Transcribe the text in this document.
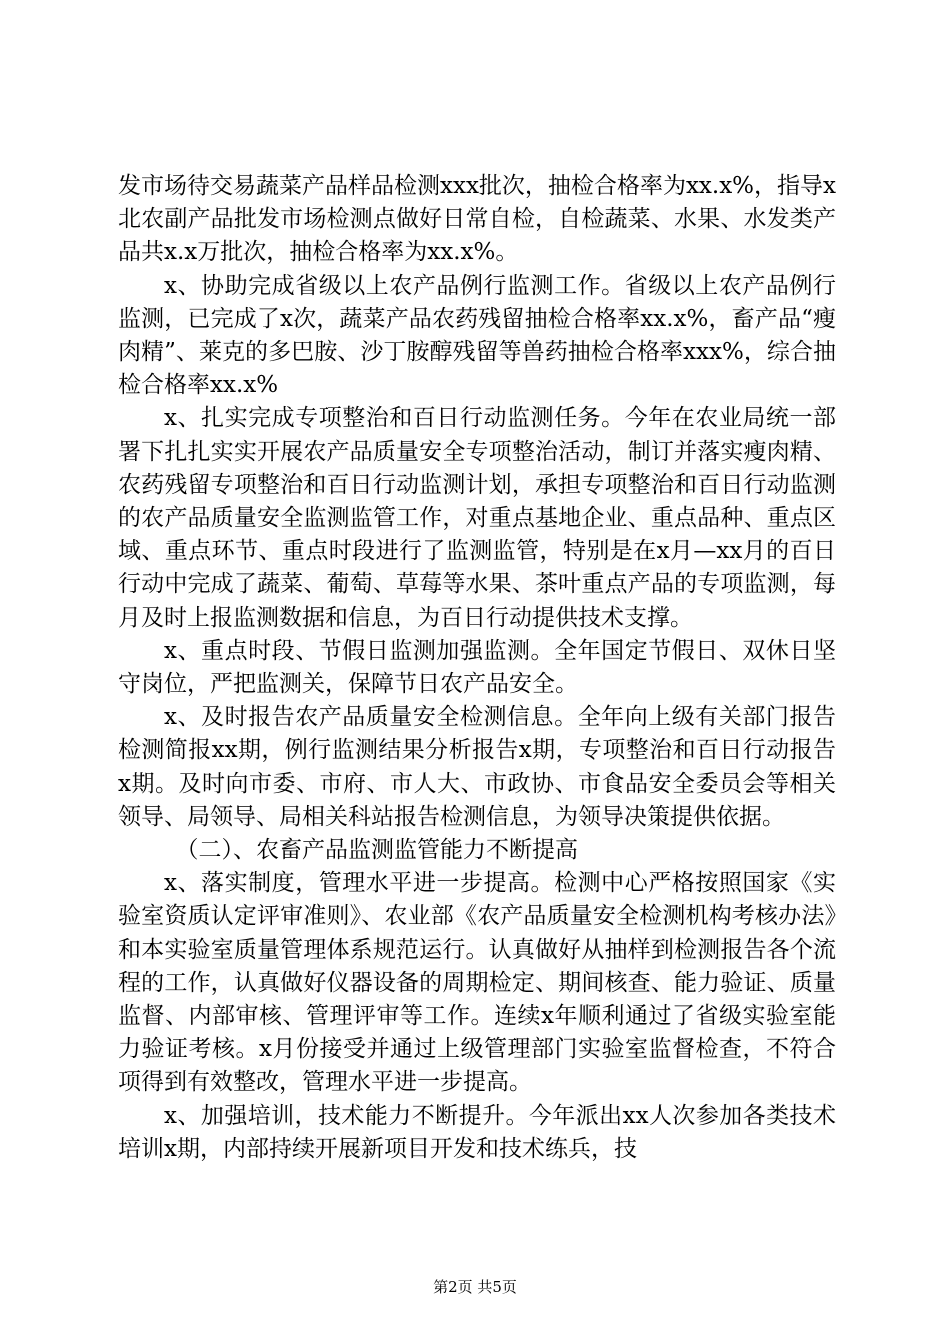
发市场待交易蔬菜产品样品检测xxx批次，抽检合格率为xx.x%，指导x北农副产品批发市场检测点做好日常自检，自检蔬菜、水果、水发类产品共x.x万批次，抽检合格率为xx.x%。

x、协助完成省级以上农产品例行监测工作。省级以上农产品例行监测，已完成了x次，蔬菜产品农药残留抽检合格率xx.x%，畜产品“瘦肉精”、莱克的多巴胺、沙丁胺醇残留等兽药抽检合格率xxx%，综合抽检合格率xx.x%

x、扎实完成专项整治和百日行动监测任务。今年在农业局统一部署下扎扎实实开展农产品质量安全专项整治活动，制订并落实瘦肉精、农药残留专项整治和百日行动监测计划，承担专项整治和百日行动监测的农产品质量安全监测监管工作，对重点基地企业、重点品种、重点区域、重点环节、重点时段进行了监测监管，特别是在x月—xx月的百日行动中完成了蔬菜、葡萄、草莓等水果、茶叶重点产品的专项监测，每月及时上报监测数据和信息，为百日行动提供技术支撑。

x、重点时段、节假日监测加强监测。全年国定节假日、双休日坚守岗位，严把监测关，保障节日农产品安全。

x、及时报告农产品质量安全检测信息。全年向上级有关部门报告检测简报xx期，例行监测结果分析报告x期，专项整治和百日行动报告x期。及时向市委、市府、市人大、市政协、市食品安全委员会等相关领导、局领导、局相关科站报告检测信息，为领导决策提供依据。

（二）、农畜产品监测监管能力不断提高

x、落实制度，管理水平进一步提高。检测中心严格按照国家《实验室资质认定评审准则》、农业部《农产品质量安全检测机构考核办法》和本实验室质量管理体系规范运行。认真做好从抽样到检测报告各个流程的工作，认真做好仪器设备的周期检定、期间核查、能力验证、质量监督、内部审核、管理评审等工作。连续x年顺利通过了省级实验室能力验证考核。x月份接受并通过上级管理部门实验室监督检查，不符合项得到有效整改，管理水平进一步提高。

x、加强培训，技术能力不断提升。今年派出xx人次参加各类技术培训x期，内部持续开展新项目开发和技术练兵，技

第2页 共5页
